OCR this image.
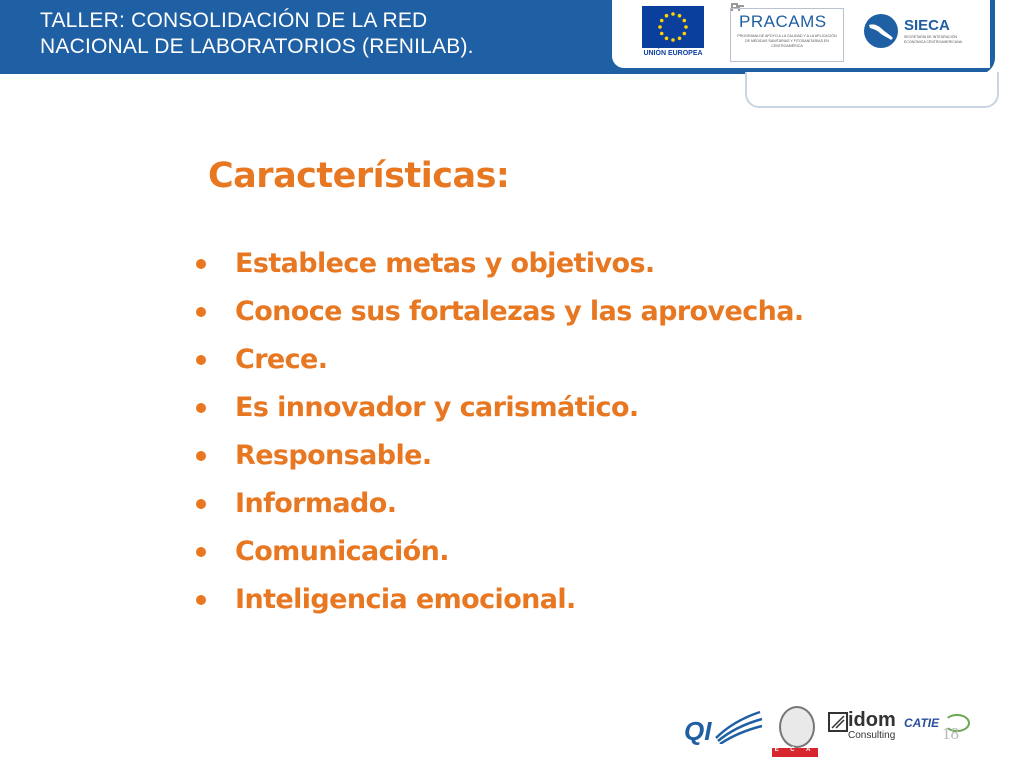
TALLER: CONSOLIDACIÓN DE LA RED
NACIONAL DE LABORATORIOS (RENILAB).	UNIÓN EUROPEA
PRACAMS
PROGRAMA DE APOYO A LA CALIDAD Y A LA APLICACIÓN DE MEDIDAS SANITARIAS Y FITOSANITARIAS EN CENTROAMÉRICA
SIECA
SECRETARÍA DE INTEGRACIÓN ECONÓMICA CENTROAMERICANA
Características:
Establece metas y objetivos.
Conoce sus fortalezas y las aprovecha.
Crece.
Es innovador y carismático.
Responsable.
Informado.
Comunicación.
Inteligencia emocional.
QI
E C A
idom
Consulting
CATIE
18
